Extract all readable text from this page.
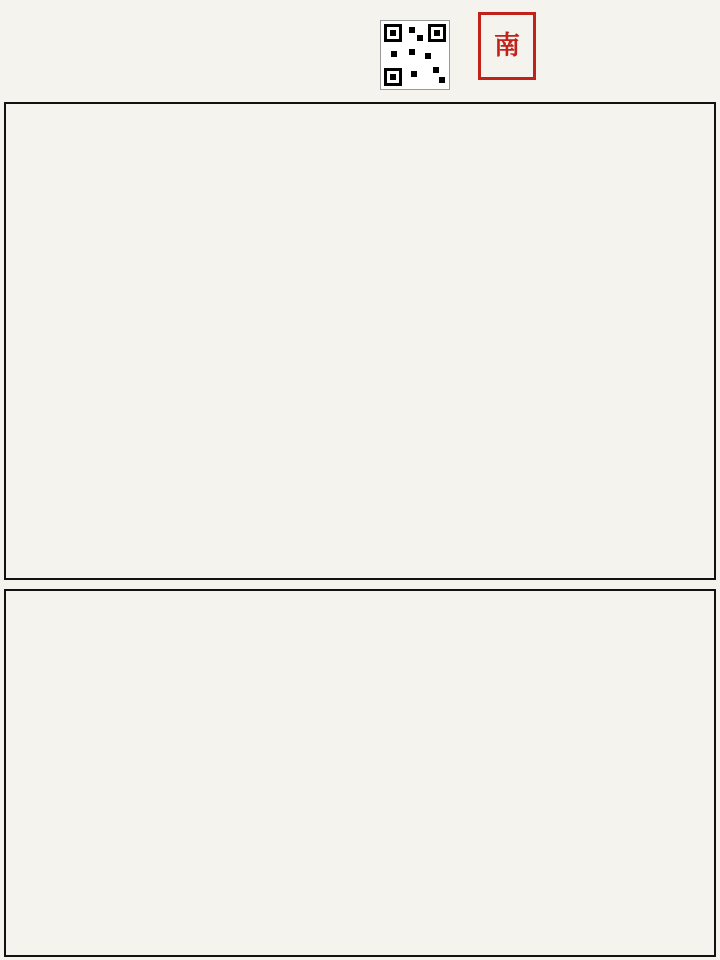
南
